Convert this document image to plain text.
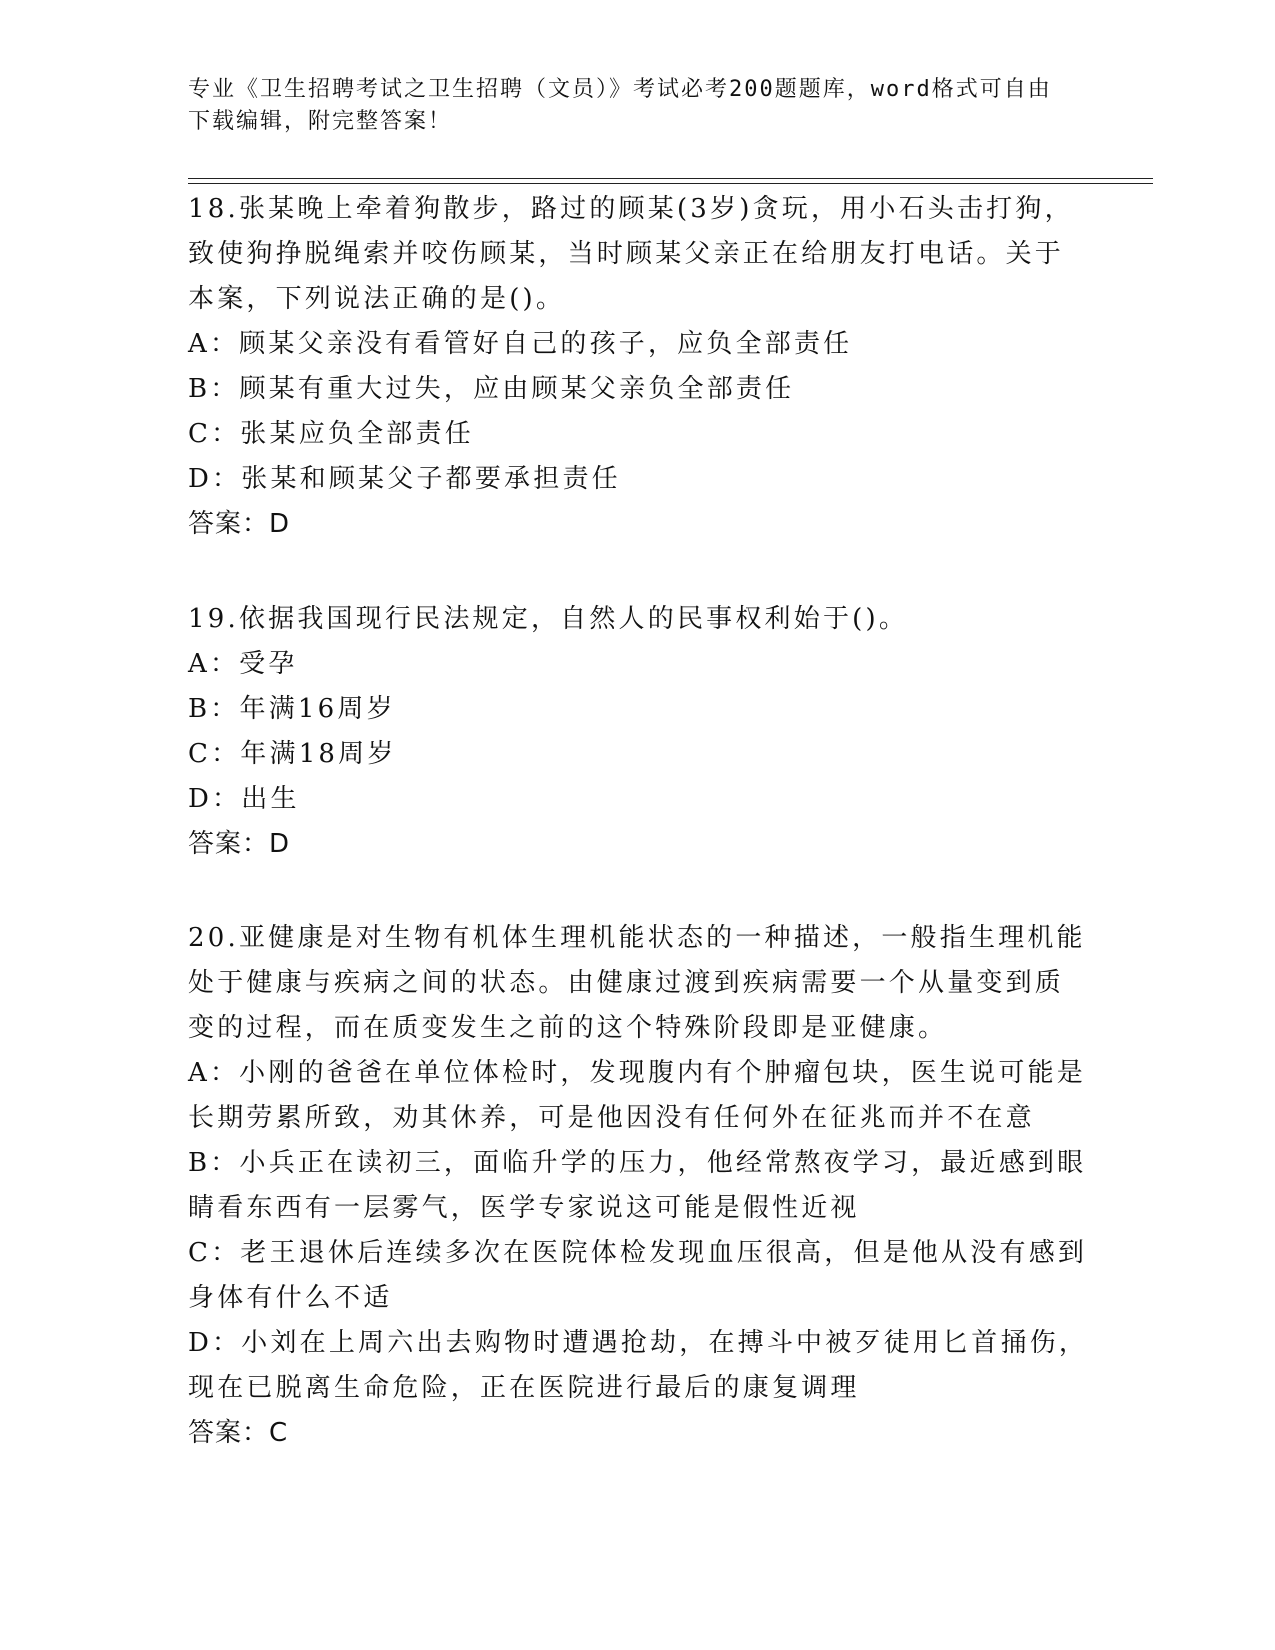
专业《卫生招聘考试之卫生招聘（文员）》考试必考200题题库，word格式可自由下载编辑，附完整答案！
18.张某晚上牵着狗散步，路过的顾某(3岁)贪玩，用小石头击打狗，
致使狗挣脱绳索并咬伤顾某，当时顾某父亲正在给朋友打电话。关于
本案，下列说法正确的是()。
A：顾某父亲没有看管好自己的孩子，应负全部责任
B：顾某有重大过失，应由顾某父亲负全部责任
C：张某应负全部责任
D：张某和顾某父子都要承担责任
答案：D
19.依据我国现行民法规定，自然人的民事权利始于()。
A：受孕
B：年满16周岁
C：年满18周岁
D：出生
答案：D
20.亚健康是对生物有机体生理机能状态的一种描述，一般指生理机能
处于健康与疾病之间的状态。由健康过渡到疾病需要一个从量变到质
变的过程，而在质变发生之前的这个特殊阶段即是亚健康。
A：小刚的爸爸在单位体检时，发现腹内有个肿瘤包块，医生说可能是
长期劳累所致，劝其休养，可是他因没有任何外在征兆而并不在意
B：小兵正在读初三，面临升学的压力，他经常熬夜学习，最近感到眼
睛看东西有一层雾气，医学专家说这可能是假性近视
C：老王退休后连续多次在医院体检发现血压很高，但是他从没有感到
身体有什么不适
D：小刘在上周六出去购物时遭遇抢劫，在搏斗中被歹徒用匕首捅伤，
现在已脱离生命危险，正在医院进行最后的康复调理
答案：C
